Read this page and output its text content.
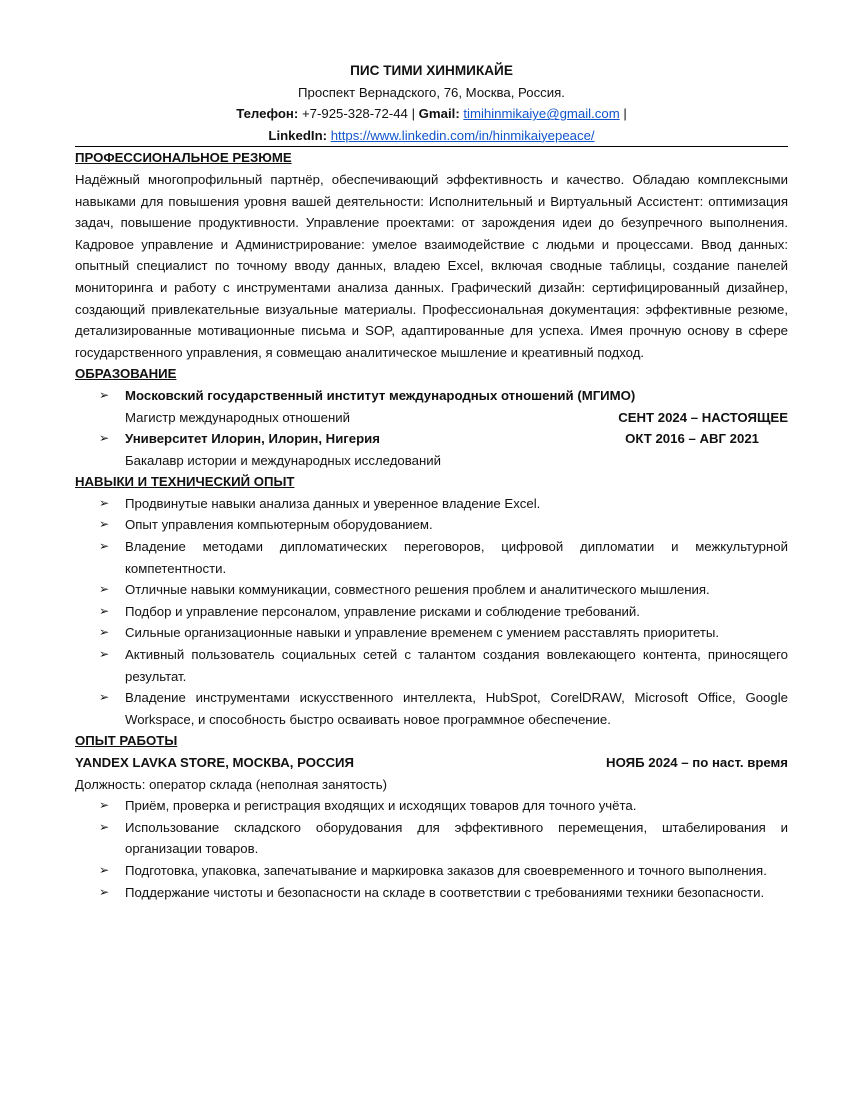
ПИС ТИМИ ХИНМИКАЙЕ
Проспект Вернадского, 76, Москва, Россия.
Телефон: +7-925-328-72-44 | Gmail: timihinmikaiye@gmail.com |
LinkedIn: https://www.linkedin.com/in/hinmikaiyepeace/
ПРОФЕССИОНАЛЬНОЕ РЕЗЮМЕ
Надёжный многопрофильный партнёр, обеспечивающий эффективность и качество. Обладаю комплексными навыками для повышения уровня вашей деятельности: Исполнительный и Виртуальный Ассистент: оптимизация задач, повышение продуктивности. Управление проектами: от зарождения идеи до безупречного выполнения. Кадровое управление и Администрирование: умелое взаимодействие с людьми и процессами. Ввод данных: опытный специалист по точному вводу данных, владею Excel, включая сводные таблицы, создание панелей мониторинга и работу с инструментами анализа данных. Графический дизайн: сертифицированный дизайнер, создающий привлекательные визуальные материалы. Профессиональная документация: эффективные резюме, детализированные мотивационные письма и SOP, адаптированные для успеха. Имея прочную основу в сфере государственного управления, я совмещаю аналитическое мышление и креативный подход.
ОБРАЗОВАНИЕ
➢ Московский государственный институт международных отношений (МГИМО)
Магистр международных отношений	СЕНТ 2024 – НАСТОЯЩЕЕ
➢ Университет Илорин, Илорин, Нигерия	ОКТ 2016 – АВГ 2021
Бакалавр истории и международных исследований
НАВЫКИ И ТЕХНИЧЕСКИЙ ОПЫТ
➢ Продвинутые навыки анализа данных и уверенное владение Excel.
➢ Опыт управления компьютерным оборудованием.
➢ Владение методами дипломатических переговоров, цифровой дипломатии и межкультурной компетентности.
➢ Отличные навыки коммуникации, совместного решения проблем и аналитического мышления.
➢ Подбор и управление персоналом, управление рисками и соблюдение требований.
➢ Сильные организационные навыки и управление временем с умением расставлять приоритеты.
➢ Активный пользователь социальных сетей с талантом создания вовлекающего контента, приносящего результат.
➢ Владение инструментами искусственного интеллекта, HubSpot, CorelDRAW, Microsoft Office, Google Workspace, и способность быстро осваивать новое программное обеспечение.
ОПЫТ РАБОТЫ
YANDEX LAVKA STORE, МОСКВА, РОССИЯ	НОЯБ 2024 – по наст. время
Должность: оператор склада (неполная занятость)
➢ Приём, проверка и регистрация входящих и исходящих товаров для точного учёта.
➢ Использование складского оборудования для эффективного перемещения, штабелирования и организации товаров.
➢ Подготовка, упаковка, запечатывание и маркировка заказов для своевременного и точного выполнения.
➢ Поддержание чистоты и безопасности на складе в соответствии с требованиями техники безопасности.
